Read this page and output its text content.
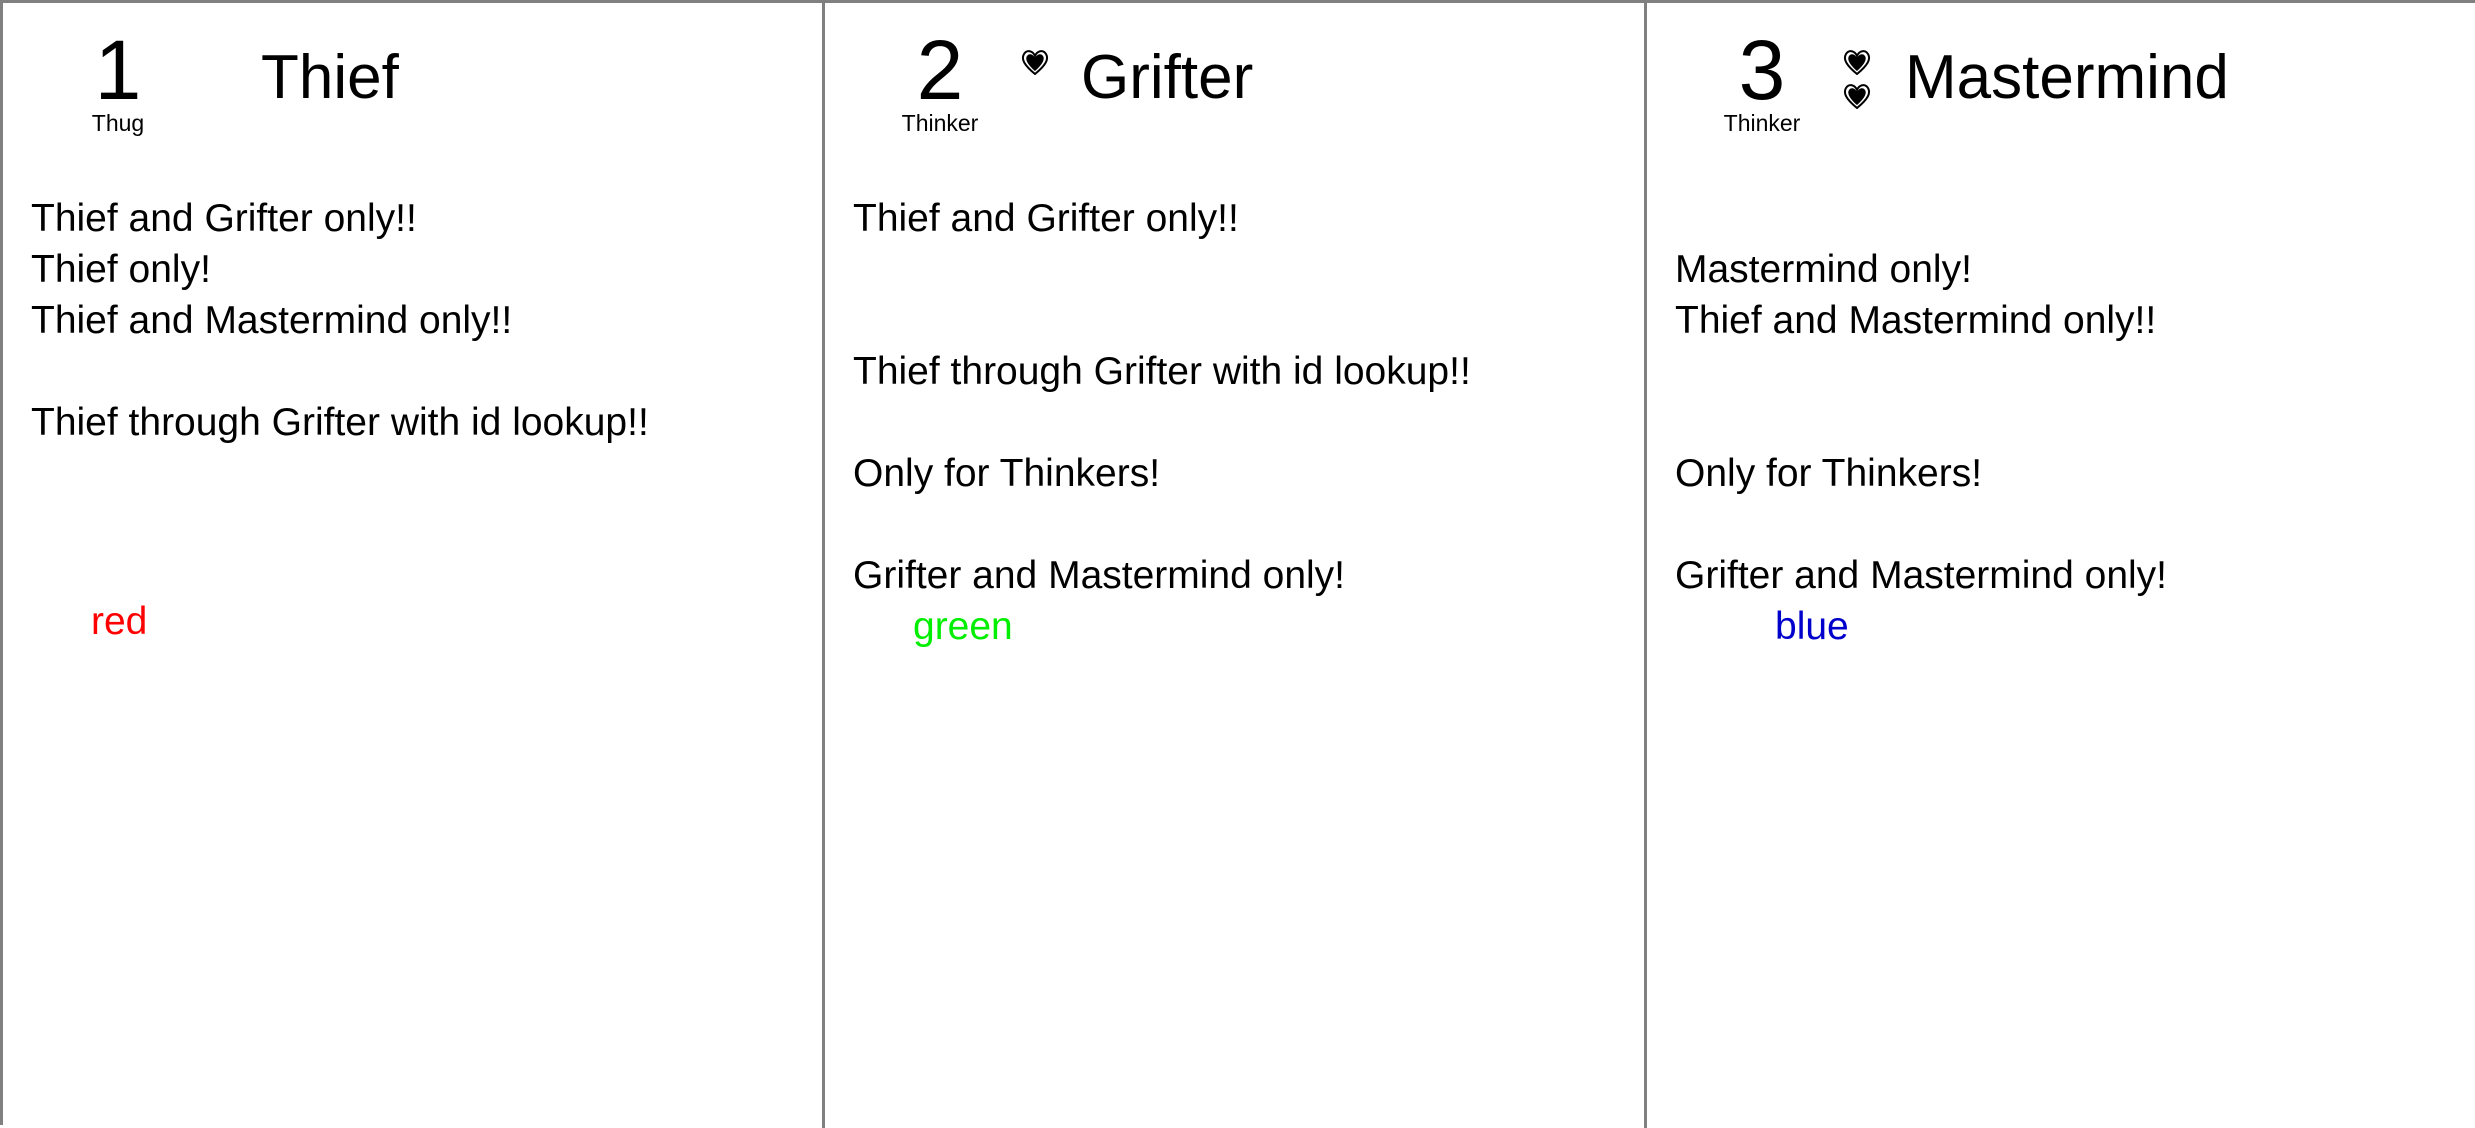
1
Thug
Thief
Thief and Grifter only!!
Thief only!
Thief and Mastermind only!!

Thief through Grifter with id lookup!!
red
2
Thinker
Grifter
Thief and Grifter only!!

Thief through Grifter with id lookup!!

Only for Thinkers!

Grifter and Mastermind only!
green
3
Thinker
Mastermind

Mastermind only!
Thief and Mastermind only!!

Only for Thinkers!

Grifter and Mastermind only!
blue
